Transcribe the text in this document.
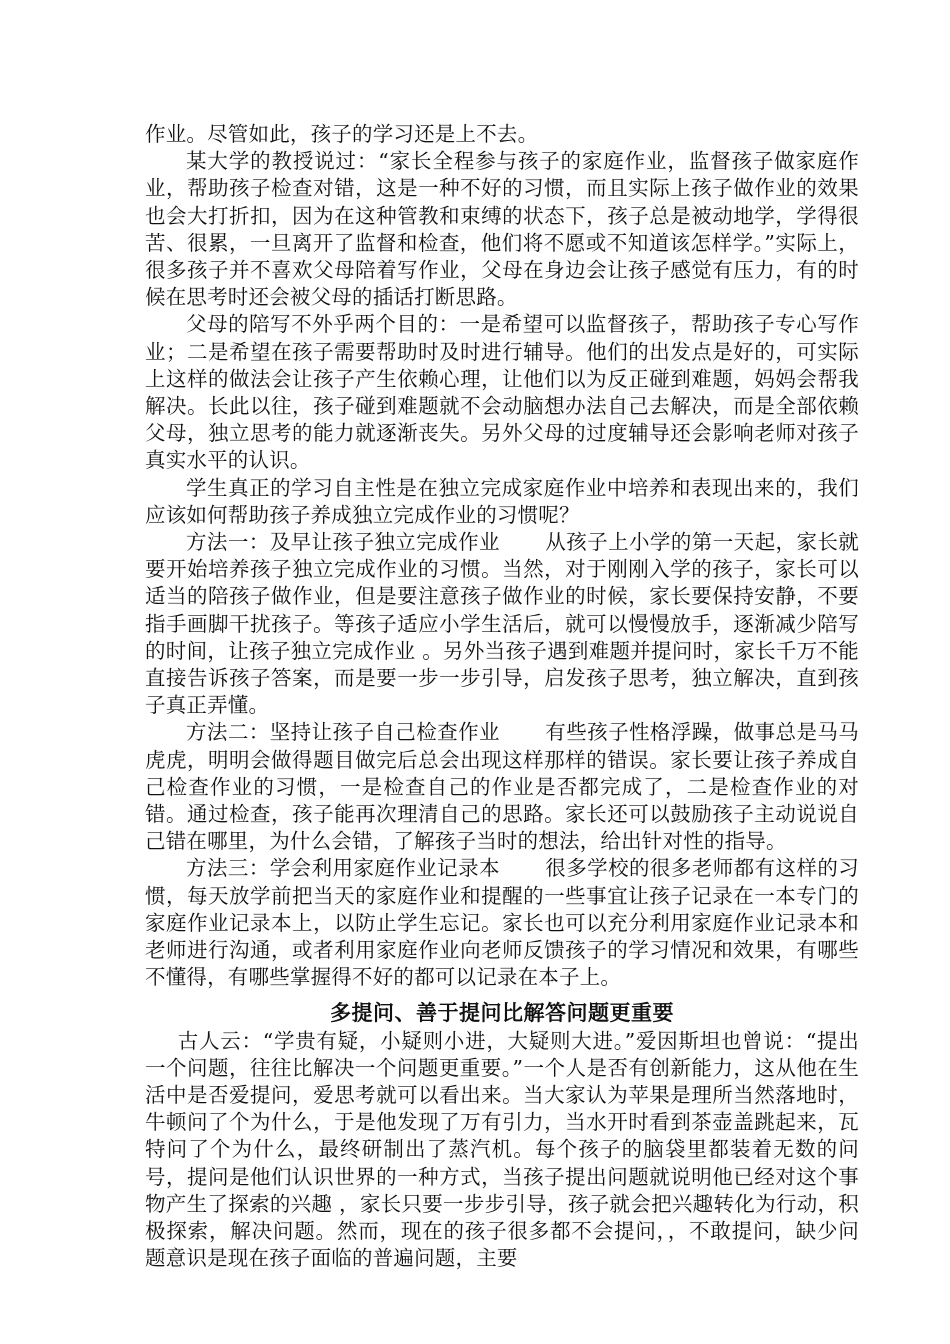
作业。尽管如此，孩子的学习还是上不去。

某大学的教授说过：“家长全程参与孩子的家庭作业，监督孩子做家庭作业，帮助孩子检查对错，这是一种不好的习惯，而且实际上孩子做作业的效果也会大打折扣，因为在这种管教和束缚的状态下，孩子总是被动地学，学得很苦、很累，一旦离开了监督和检查，他们将不愿或不知道该怎样学。”实际上，很多孩子并不喜欢父母陪着写作业，父母在身边会让孩子感觉有压力，有的时候在思考时还会被父母的插话打断思路。

父母的陪写不外乎两个目的：一是希望可以监督孩子，帮助孩子专心写作业；二是希望在孩子需要帮助时及时进行辅导。他们的出发点是好的，可实际上这样的做法会让孩子产生依赖心理，让他们以为反正碰到难题，妈妈会帮我解决。长此以往，孩子碰到难题就不会动脑想办法自己去解决，而是全部依赖父母，独立思考的能力就逐渐丧失。另外父母的过度辅导还会影响老师对孩子真实水平的认识。

学生真正的学习自主性是在独立完成家庭作业中培养和表现出来的，我们应该如何帮助孩子养成独立完成作业的习惯呢？

方法一：及早让孩子独立完成作业 从孩子上小学的第一天起，家长就要开始培养孩子独立完成作业的习惯。当然，对于刚刚入学的孩子，家长可以适当的陪孩子做作业，但是要注意孩子做作业的时候，家长要保持安静，不要指手画脚干扰孩子。等孩子适应小学生活后，就可以慢慢放手，逐渐减少陪写的时间，让孩子独立完成作业 。另外当孩子遇到难题并提问时，家长千万不能直接告诉孩子答案，而是要一步一步引导，启发孩子思考，独立解决，直到孩子真正弄懂。

方法二：坚持让孩子自己检查作业 有些孩子性格浮躁，做事总是马马虎虎，明明会做得题目做完后总会出现这样那样的错误。家长要让孩子养成自己检查作业的习惯，一是检查自己的作业是否都完成了，二是检查作业的对错。通过检查，孩子能再次理清自己的思路。家长还可以鼓励孩子主动说说自己错在哪里，为什么会错，了解孩子当时的想法，给出针对性的指导。

方法三：学会利用家庭作业记录本 很多学校的很多老师都有这样的习惯，每天放学前把当天的家庭作业和提醒的一些事宜让孩子记录在一本专门的家庭作业记录本上，以防止学生忘记。家长也可以充分利用家庭作业记录本和老师进行沟通，或者利用家庭作业向老师反馈孩子的学习情况和效果，有哪些不懂得，有哪些掌握得不好的都可以记录在本子上。

多提问、善于提问比解答问题更重要

古人云：“学贵有疑，小疑则小进，大疑则大进。”爱因斯坦也曾说：“提出一个问题，往往比解决一个问题更重要。”一个人是否有创新能力，这从他在生活中是否爱提问，爱思考就可以看出来。当大家认为苹果是理所当然落地时，牛顿问了个为什么，于是他发现了万有引力，当水开时看到茶壶盖跳起来，瓦特问了个为什么，最终研制出了蒸汽机。每个孩子的脑袋里都装着无数的问号，提问是他们认识世界的一种方式，当孩子提出问题就说明他已经对这个事物产生了探索的兴趣 ，家长只要一步步引导，孩子就会把兴趣转化为行动，积极探索，解决问题。然而，现在的孩子很多都不会提问，，不敢提问，缺少问题意识是现在孩子面临的普遍问题，主要
